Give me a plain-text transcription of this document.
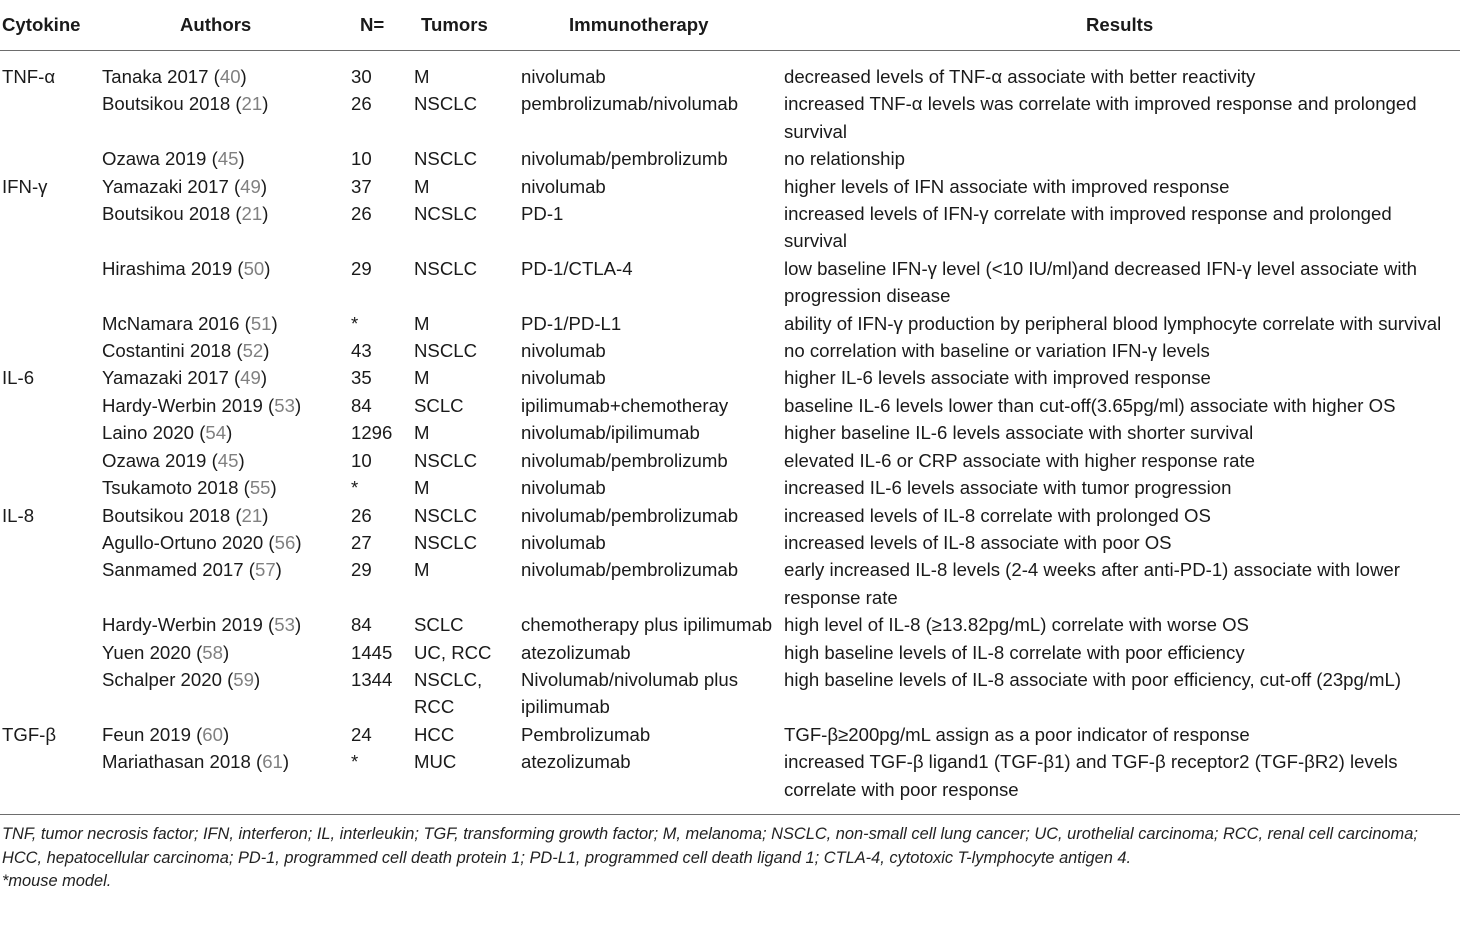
Cytokine	Authors	N=	Tumors	Immunotherapy	Results
TNF-α	Tanaka 2017 (40)	30	M	nivolumab	decreased levels of TNF-α associate with better reactivity
	Boutsikou 2018 (21)	26	NSCLC	pembrolizumab/nivolumab	increased TNF-α levels was correlate with improved response and prolonged survival
	Ozawa 2019 (45)	10	NSCLC	nivolumab/pembrolizumb	no relationship
IFN-γ	Yamazaki 2017 (49)	37	M	nivolumab	higher levels of IFN associate with improved response
	Boutsikou 2018 (21)	26	NCSLC	PD-1	increased levels of IFN-γ correlate with improved response and prolonged survival
	Hirashima 2019 (50)	29	NSCLC	PD-1/CTLA-4	low baseline IFN-γ level (<10 IU/ml)and decreased IFN-γ level associate with progression disease
	McNamara 2016 (51)	*	M	PD-1/PD-L1	ability of IFN-γ production by peripheral blood lymphocyte correlate with survival
	Costantini 2018 (52)	43	NSCLC	nivolumab	no correlation with baseline or variation IFN-γ levels
IL-6	Yamazaki 2017 (49)	35	M	nivolumab	higher IL-6 levels associate with improved response
	Hardy-Werbin 2019 (53)	84	SCLC	ipilimumab+chemotheray	baseline IL-6 levels lower than cut-off(3.65pg/ml) associate with higher OS
	Laino 2020 (54)	1296	M	nivolumab/ipilimumab	higher baseline IL-6 levels associate with shorter survival
	Ozawa 2019 (45)	10	NSCLC	nivolumab/pembrolizumb	elevated IL-6 or CRP associate with higher response rate
	Tsukamoto 2018 (55)	*	M	nivolumab	increased IL-6 levels associate with tumor progression
IL-8	Boutsikou 2018 (21)	26	NSCLC	nivolumab/pembrolizumab	increased levels of IL-8 correlate with prolonged OS
	Agullo-Ortuno 2020 (56)	27	NSCLC	nivolumab	increased levels of IL-8 associate with poor OS
	Sanmamed 2017 (57)	29	M	nivolumab/pembrolizumab	early increased IL-8 levels (2-4 weeks after anti-PD-1) associate with lower response rate
	Hardy-Werbin 2019 (53)	84	SCLC	chemotherapy plus ipilimumab	high level of IL-8 (≥13.82pg/mL) correlate with worse OS
	Yuen 2020 (58)	1445	UC, RCC	atezolizumab	high baseline levels of IL-8 correlate with poor efficiency
	Schalper 2020 (59)	1344	NSCLC, RCC	Nivolumab/nivolumab plus ipilimumab	high baseline levels of IL-8 associate with poor efficiency, cut-off (23pg/mL)
TGF-β	Feun 2019 (60)	24	HCC	Pembrolizumab	TGF-β≥200pg/mL assign as a poor indicator of response
	Mariathasan 2018 (61)	*	MUC	atezolizumab	increased TGF-β ligand1 (TGF-β1) and TGF-β receptor2 (TGF-βR2) levels correlate with poor response

TNF, tumor necrosis factor; IFN, interferon; IL, interleukin; TGF, transforming growth factor; M, melanoma; NSCLC, non-small cell lung cancer; UC, urothelial carcinoma; RCC, renal cell carcinoma; HCC, hepatocellular carcinoma; PD-1, programmed cell death protein 1; PD-L1, programmed cell death ligand 1; CTLA-4, cytotoxic T-lymphocyte antigen 4.

*mouse model.
